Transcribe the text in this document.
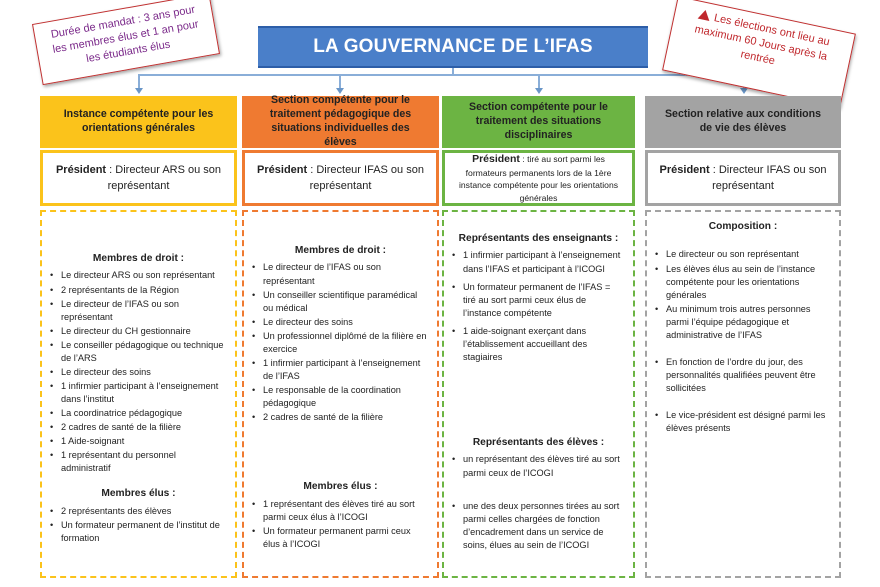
Durée de mandat : 3 ans pour les membres élus et 1 an pour les étudiants élus	LA GOUVERNANCE DE L’IFAS	Les élections ont lieu au maximum 60 Jours après la rentrée
Instance compétente pour les orientations générales
Président : Directeur ARS ou son représentant
Membres de droit :
• Le directeur ARS ou son représentant
• 2 représentants de la Région
• Le directeur de l’IFAS ou son représentant
• Le directeur du CH gestionnaire
• Le conseiller pédagogique ou technique de l’ARS
• Le directeur des soins
• 1 infirmier participant à l’enseignement dans l’institut
• La coordinatrice pédagogique
• 2 cadres de santé de la filière
• 1 Aide-soignant
• 1 représentant du personnel administratif
Membres élus :
• 2 représentants des élèves
• Un formateur permanent de l’institut de formation
Section compétente pour le traitement pédagogique des situations individuelles des élèves
Président : Directeur IFAS ou son représentant
Membres de droit :
• Le directeur de l’IFAS ou son représentant
• Un conseiller scientifique paramédical ou médical
• Le directeur des soins
• Un professionnel diplômé de la filière en exercice
• 1 infirmier participant à l’enseignement de l’IFAS
• Le responsable de la coordination pédagogique
• 2 cadres de santé de la filière
Membres élus :
• 1 représentant des élèves tiré au sort parmi ceux élus à l’ICOGI
• Un formateur permanent parmi ceux élus à l’ICOGI
Section compétente pour le traitement des situations disciplinaires
Président : tiré au sort parmi les formateurs permanents lors de la 1ère instance compétente pour les orientations générales
Représentants des enseignants :
• 1 infirmier participant à l’enseignement dans l’IFAS et participant à l’ICOGI
• Un formateur permanent de l’IFAS = tiré au sort parmi ceux élus de l’instance compétente
• 1 aide-soignant exerçant dans l’établissement accueillant des stagiaires
Représentants des élèves :
• un représentant des élèves tiré au sort parmi ceux de l’ICOGI
• une des deux personnes tirées au sort parmi celles chargées de fonction d’encadrement dans un service de soins, élues au sein de l’ICOGI
Section relative aux conditions de vie des élèves
Président : Directeur IFAS ou son représentant
Composition :
• Le directeur ou son représentant
• Les élèves élus au sein de l’instance compétente pour les orientations générales
• Au minimum trois autres personnes parmi l’équipe pédagogique et administrative de l’IFAS
• En fonction de l’ordre du jour, des personnalités qualifiées peuvent être sollicitées
• Le vice-président est désigné parmi les élèves présents
